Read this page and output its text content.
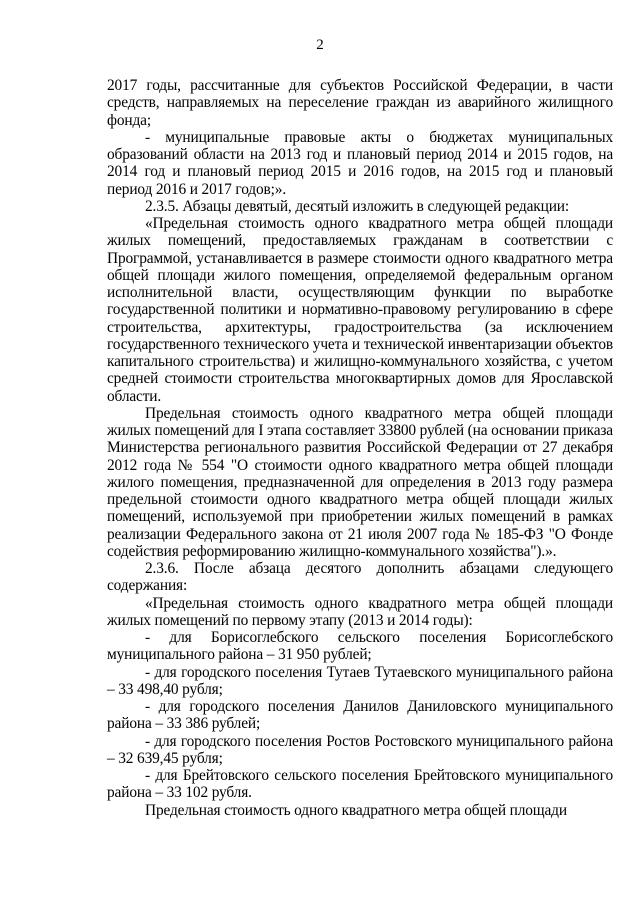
2

2017 годы, рассчитанные для субъектов Российской Федерации, в части средств, направляемых на переселение граждан из аварийного жилищного фонда;

- муниципальные правовые акты о бюджетах муниципальных образований области на 2013 год и плановый период 2014 и 2015 годов, на 2014 год и плановый период 2015 и 2016 годов, на 2015 год и плановый период 2016 и 2017 годов;».

2.3.5. Абзацы девятый, десятый изложить в следующей редакции:

«Предельная стоимость одного квадратного метра общей площади жилых помещений, предоставляемых гражданам в соответствии с Программой, устанавливается в размере стоимости одного квадратного метра общей площади жилого помещения, определяемой федеральным органом исполнительной власти, осуществляющим функции по выработке государственной политики и нормативно-правовому регулированию в сфере строительства, архитектуры, градостроительства (за исключением государственного технического учета и технической инвентаризации объектов капитального строительства) и жилищно-коммунального хозяйства, с учетом средней стоимости строительства многоквартирных домов для Ярославской области.

Предельная стоимость одного квадратного метра общей площади жилых помещений для I этапа составляет 33800 рублей (на основании приказа Министерства регионального развития Российской Федерации от 27 декабря 2012 года № 554 "О стоимости одного квадратного метра общей площади жилого помещения, предназначенной для определения в 2013 году размера предельной стоимости одного квадратного метра общей площади жилых помещений, используемой при приобретении жилых помещений в рамках реализации Федерального закона от 21 июля 2007 года № 185-ФЗ "О Фонде содействия реформированию жилищно-коммунального хозяйства").».

2.3.6. После абзаца десятого дополнить абзацами следующего содержания:

«Предельная стоимость одного квадратного метра общей площади жилых помещений по первому этапу (2013 и 2014 годы):

- для Борисоглебского сельского поселения Борисоглебского муниципального района – 31 950 рублей;

- для городского поселения Тутаев Тутаевского муниципального района – 33 498,40 рубля;

- для городского поселения Данилов Даниловского муниципального района – 33 386 рублей;

- для городского поселения Ростов Ростовского муниципального района – 32 639,45 рубля;

- для Брейтовского сельского поселения Брейтовского муниципального района – 33 102 рубля.

Предельная стоимость одного квадратного метра общей площади
